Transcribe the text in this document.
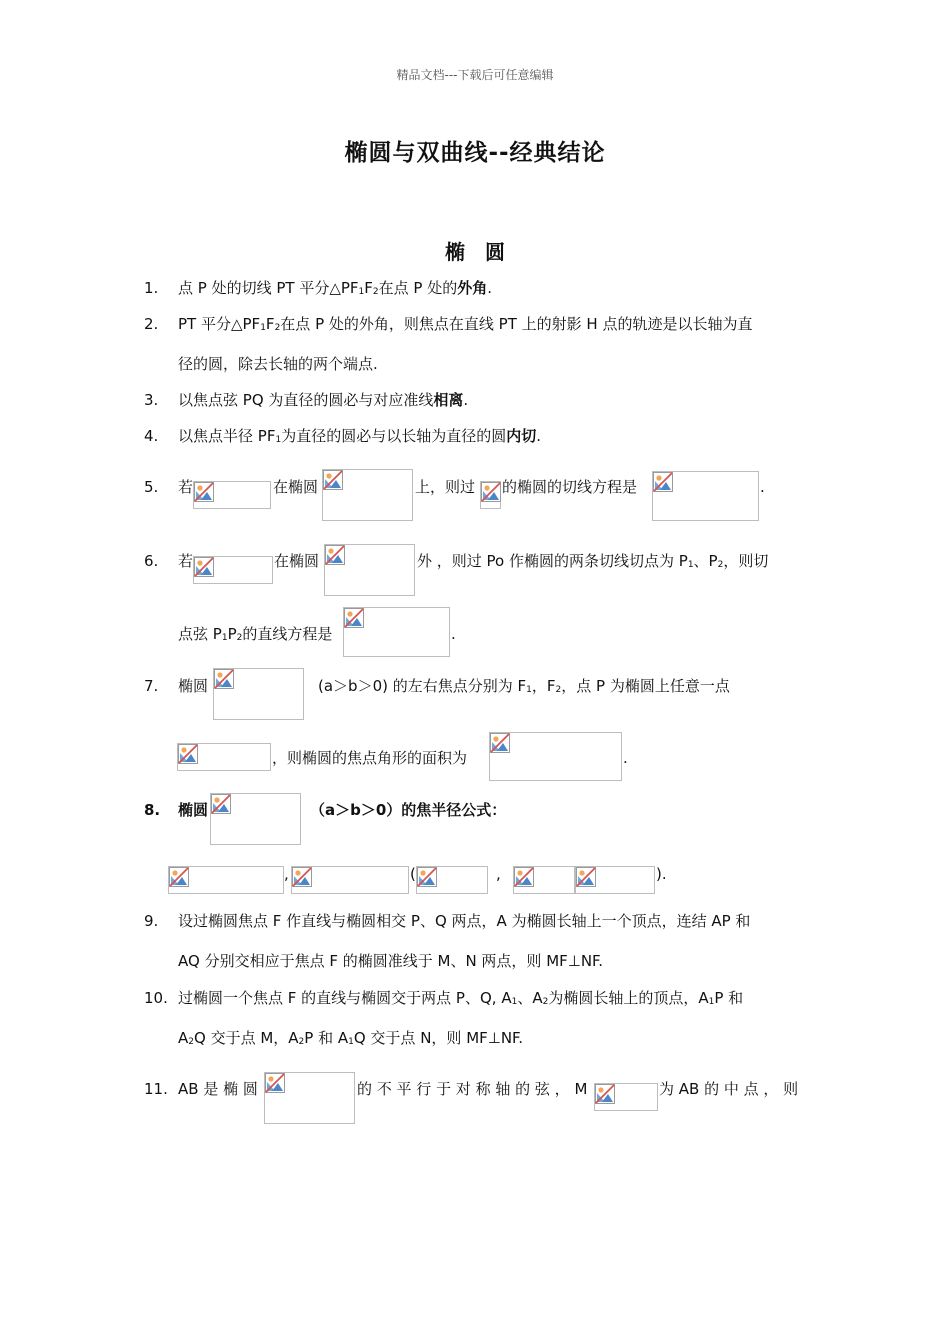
精品文档---下载后可任意编辑
椭圆与双曲线--经典结论
椭　圆
1. 点 P 处的切线 PT 平分$\triangle PF_1F_2$在点 P 处的外角.
2. PT 平分$\triangle PF_1F_2$在点 P 处的外角，则焦点在直线 PT 上的射影 H 点的轨迹是以长轴为直
径的圆，除去长轴的两个端点.
3. 以焦点弦 PQ 为直径的圆必与对应准线相离.
4. 以焦点半径 $PF_1$为直径的圆必与以长轴为直径的圆内切.
5. 若	在椭圆	上，则过 的椭圆的切线方程是	.
6. 若	在椭圆	外 ，则过 Po 作椭圆的两条切线切点为 $P_1$、$P_2$，则切
点弦 $P_1P_2$的直线方程是	.
7. 椭圆	(a＞b＞0) 的左右焦点分别为 $F_1$，$F_2$，点 P 为椭圆上任意一点
，则椭圆的焦点角形的面积为	.
8. 椭圆	（a＞b＞0）的焦半径公式：
,	(	,	).
9. 设过椭圆焦点 F 作直线与椭圆相交 P、Q 两点，A 为椭圆长轴上一个顶点，连结 AP 和
AQ 分别交相应于焦点 F 的椭圆准线于 M、N 两点，则 MF⊥NF.
10. 过椭圆一个焦点 F 的直线与椭圆交于两点 P、Q, $A_1$、$A_2$为椭圆长轴上的顶点，$A_1P$ 和
$A_2Q$ 交于点 M，$A_2P$ 和 $A_1Q$ 交于点 N，则 MF⊥NF.
11. AB 是 椭 圆	的 不 平 行 于 对 称 轴 的 弦 ， M	为 AB 的 中 点 ， 则
